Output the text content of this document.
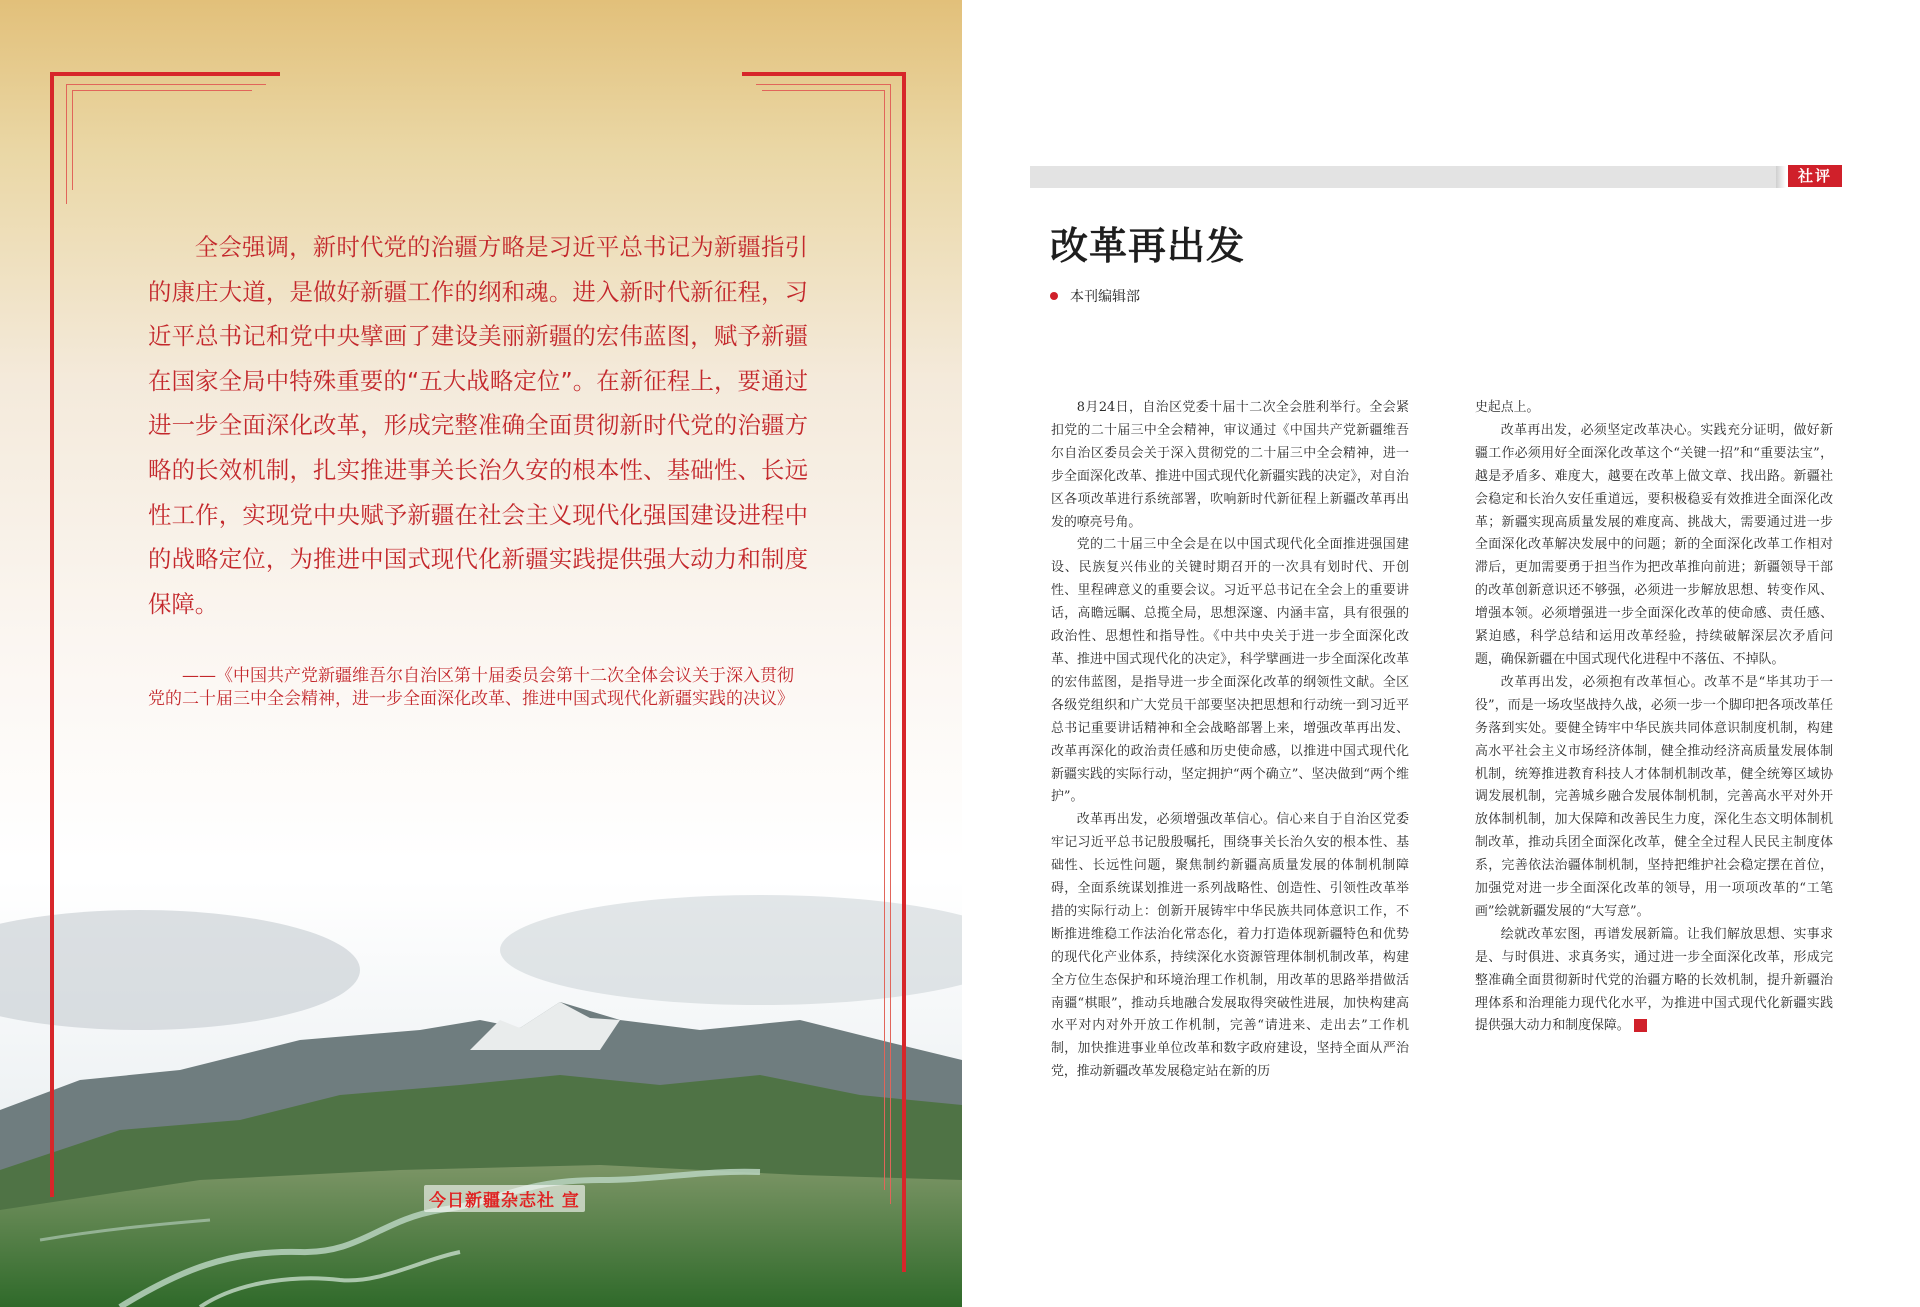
全会强调，新时代党的治疆方略是习近平总书记为新疆指引的康庄大道，是做好新疆工作的纲和魂。进入新时代新征程，习近平总书记和党中央擘画了建设美丽新疆的宏伟蓝图，赋予新疆在国家全局中特殊重要的“五大战略定位”。在新征程上，要通过进一步全面深化改革，形成完整准确全面贯彻新时代党的治疆方略的长效机制，扎实推进事关长治久安的根本性、基础性、长远性工作，实现党中央赋予新疆在社会主义现代化强国建设进程中的战略定位，为推进中国式现代化新疆实践提供强大动力和制度保障。

——《中国共产党新疆维吾尔自治区第十届委员会第十二次全体会议关于深入贯彻党的二十届三中全会精神，进一步全面深化改革、推进中国式现代化新疆实践的决议》

今日新疆杂志社 宣
社评
改革再出发
本刊编辑部

8月24日，自治区党委十届十二次全会胜利举行。全会紧扣党的二十届三中全会精神，审议通过《中国共产党新疆维吾尔自治区委员会关于深入贯彻党的二十届三中全会精神，进一步全面深化改革、推进中国式现代化新疆实践的决定》，对自治区各项改革进行系统部署，吹响新时代新征程上新疆改革再出发的嘹亮号角。

党的二十届三中全会是在以中国式现代化全面推进强国建设、民族复兴伟业的关键时期召开的一次具有划时代、开创性、里程碑意义的重要会议。习近平总书记在全会上的重要讲话，高瞻远瞩、总揽全局，思想深邃、内涵丰富，具有很强的政治性、思想性和指导性。《中共中央关于进一步全面深化改革、推进中国式现代化的决定》，科学擘画进一步全面深化改革的宏伟蓝图，是指导进一步全面深化改革的纲领性文献。全区各级党组织和广大党员干部要坚决把思想和行动统一到习近平总书记重要讲话精神和全会战略部署上来，增强改革再出发、改革再深化的政治责任感和历史使命感，以推进中国式现代化新疆实践的实际行动，坚定拥护“两个确立”、坚决做到“两个维护”。

改革再出发，必须增强改革信心。信心来自于自治区党委牢记习近平总书记殷殷嘱托，围绕事关长治久安的根本性、基础性、长远性问题，聚焦制约新疆高质量发展的体制机制障碍，全面系统谋划推进一系列战略性、创造性、引领性改革举措的实际行动上：创新开展铸牢中华民族共同体意识工作，不断推进维稳工作法治化常态化，着力打造体现新疆特色和优势的现代化产业体系，持续深化水资源管理体制机制改革，构建全方位生态保护和环境治理工作机制，用改革的思路举措做活南疆“棋眼”，推动兵地融合发展取得突破性进展，加快构建高水平对内对外开放工作机制，完善“请进来、走出去”工作机制，加快推进事业单位改革和数字政府建设，坚持全面从严治党，推动新疆改革发展稳定站在新的历

史起点上。

改革再出发，必须坚定改革决心。实践充分证明，做好新疆工作必须用好全面深化改革这个“关键一招”和“重要法宝”，越是矛盾多、难度大，越要在改革上做文章、找出路。新疆社会稳定和长治久安任重道远，要积极稳妥有效推进全面深化改革；新疆实现高质量发展的难度高、挑战大，需要通过进一步全面深化改革解决发展中的问题；新的全面深化改革工作相对滞后，更加需要勇于担当作为把改革推向前进；新疆领导干部的改革创新意识还不够强，必须进一步解放思想、转变作风、增强本领。必须增强进一步全面深化改革的使命感、责任感、紧迫感，科学总结和运用改革经验，持续破解深层次矛盾问题，确保新疆在中国式现代化进程中不落伍、不掉队。

改革再出发，必须抱有改革恒心。改革不是“毕其功于一役”，而是一场攻坚战持久战，必须一步一个脚印把各项改革任务落到实处。要健全铸牢中华民族共同体意识制度机制，构建高水平社会主义市场经济体制，健全推动经济高质量发展体制机制，统筹推进教育科技人才体制机制改革，健全统筹区域协调发展机制，完善城乡融合发展体制机制，完善高水平对外开放体制机制，加大保障和改善民生力度，深化生态文明体制机制改革，推动兵团全面深化改革，健全全过程人民民主制度体系，完善依法治疆体制机制，坚持把维护社会稳定摆在首位，加强党对进一步全面深化改革的领导，用一项项改革的“工笔画”绘就新疆发展的“大写意”。

绘就改革宏图，再谱发展新篇。让我们解放思想、实事求是、与时俱进、求真务实，通过进一步全面深化改革，形成完整准确全面贯彻新时代党的治疆方略的长效机制，提升新疆治理体系和治理能力现代化水平，为推进中国式现代化新疆实践提供强大动力和制度保障。	◢
